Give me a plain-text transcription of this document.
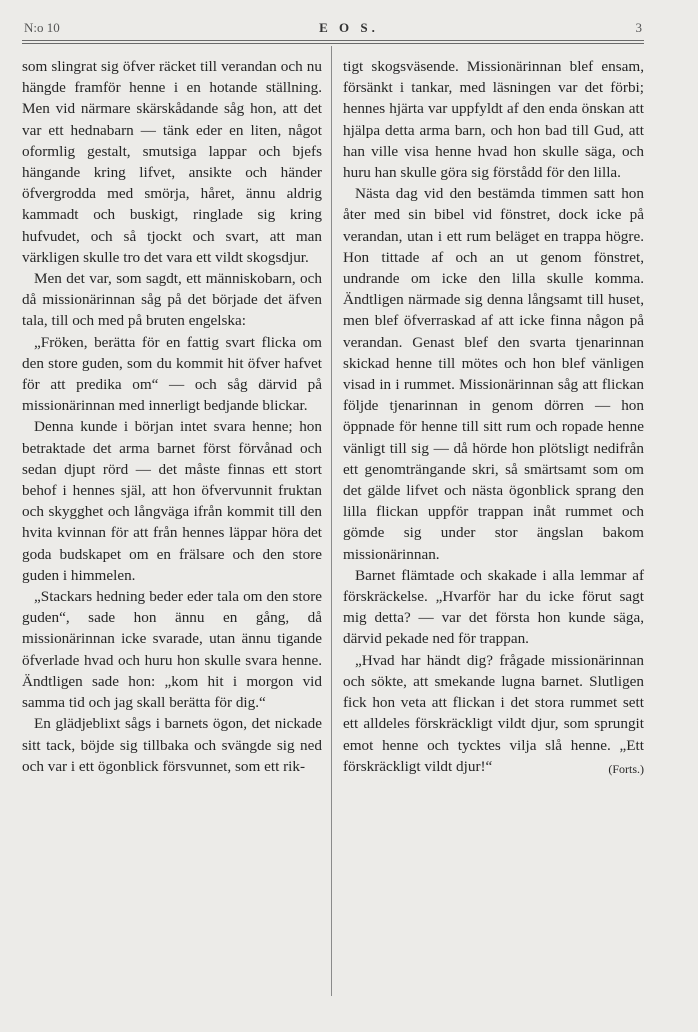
N:o 10	E O S.	3

som slingrat sig öfver räcket till verandan och nu hängde framför henne i en hotande ställning. Men vid närmare skärskådande såg hon, att det var ett hednabarn — tänk eder en liten, något oformlig gestalt, smutsiga lappar och bjefs hängande kring lifvet, ansikte och händer öfvergrodda med smörja, håret, ännu aldrig kammadt och buskigt, ringlade sig kring hufvudet, och så tjockt och svart, att man värkligen skulle tro det vara ett vildt skogsdjur.

Men det var, som sagdt, ett människobarn, och då missionärinnan såg på det började det äfven tala, till och med på bruten engelska:

„Fröken, berätta för en fattig svart flicka om den store guden, som du kommit hit öfver hafvet för att predika om“ — och såg därvid på missionärinnan med innerligt bedjande blickar.

Denna kunde i början intet svara henne; hon betraktade det arma barnet först förvånad och sedan djupt rörd — det måste finnas ett stort behof i hennes själ, att hon öfvervunnit fruktan och skygghet och långväga ifrån kommit till den hvita kvinnan för att från hennes läppar höra det goda budskapet om en frälsare och den store guden i himmelen.

„Stackars hedning beder eder tala om den store guden“, sade hon ännu en gång, då missionärinnan icke svarade, utan ännu tigande öfverlade hvad och huru hon skulle svara henne. Ändtligen sade hon: „kom hit i morgon vid samma tid och jag skall berätta för dig.“

En glädjeblixt sågs i barnets ögon, det nickade sitt tack, böjde sig tillbaka och svängde sig ned och var i ett ögonblick försvunnet, som ett rik-

tigt skogsväsende. Missionärinnan blef ensam, försänkt i tankar, med läsningen var det förbi; hennes hjärta var uppfyldt af den enda önskan att hjälpa detta arma barn, och hon bad till Gud, att han ville visa henne hvad hon skulle säga, och huru han skulle göra sig förstådd för den lilla.

Nästa dag vid den bestämda timmen satt hon åter med sin bibel vid fönstret, dock icke på verandan, utan i ett rum beläget en trappa högre. Hon tittade af och an ut genom fönstret, undrande om icke den lilla skulle komma. Ändtligen närmade sig denna långsamt till huset, men blef öfverraskad af att icke finna någon på verandan. Genast blef den svarta tjenarinnan skickad henne till mötes och hon blef vänligen visad in i rummet. Missionärinnan såg att flickan följde tjenarinnan in genom dörren — hon öppnade för henne till sitt rum och ropade henne vänligt till sig — då hörde hon plötsligt nedifrån ett genomträngande skri, så smärtsamt som om det gälde lifvet och nästa ögonblick sprang den lilla flickan uppför trappan inåt rummet och gömde sig under stor ängslan bakom missionärinnan.

Barnet flämtade och skakade i alla lemmar af förskräckelse. „Hvarför har du icke förut sagt mig detta? — var det första hon kunde säga, därvid pekade ned för trappan.

„Hvad har händt dig? frågade missionärinnan och sökte, att smekande lugna barnet. Slutligen fick hon veta att flickan i det stora rummet sett ett alldeles förskräckligt vildt djur, som sprungit emot henne och tycktes vilja slå henne. „Ett förskräckligt vildt djur!“	(Forts.)
